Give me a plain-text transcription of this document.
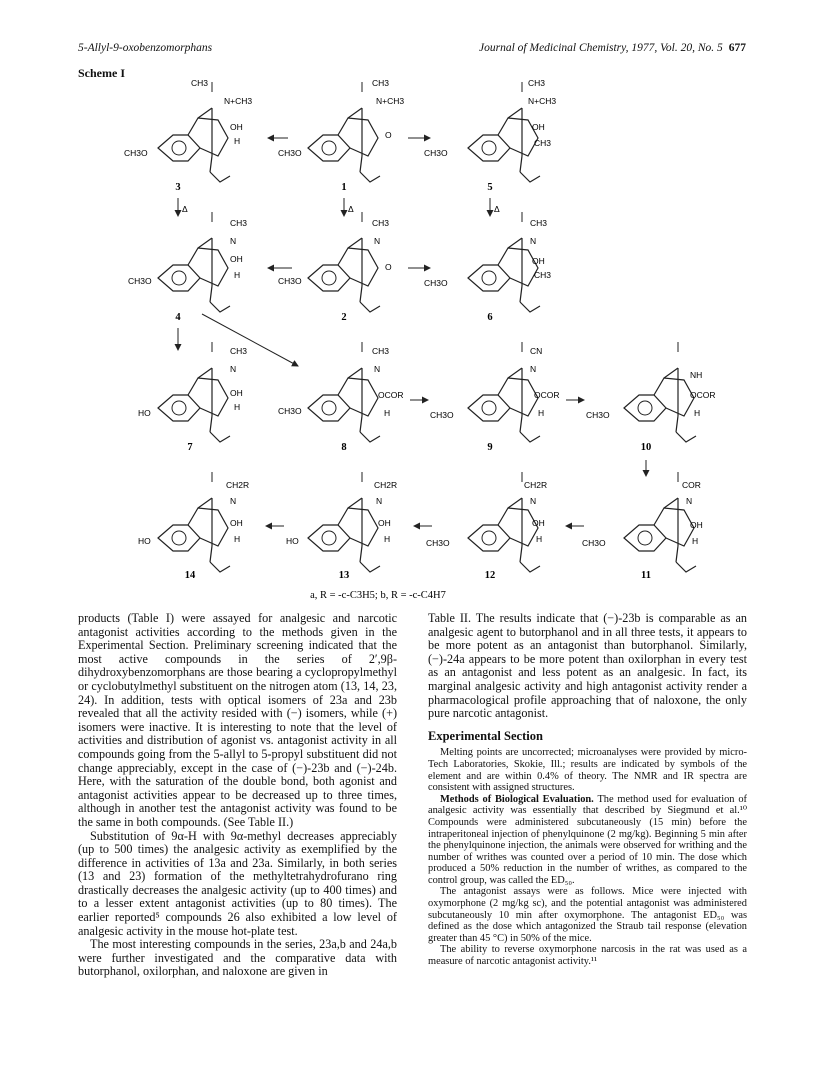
5-Allyl-9-oxobenzomorphans	Journal of Medicinal Chemistry, 1977, Vol. 20, No. 5 677
Scheme I
CH3
N+CH3
OH
H
CH3O
3
CH3
N+CH3
O
CH3O
1
CH3
N+CH3
OH
CH3
CH3O
5
Δ	Δ	Δ
CH3
N
OH
H
CH3O
4
CH3
N
O
CH3O
2
CH3
N
OH
CH3
CH3O
6
CH3
N
OH
H
HO
7
CH3
N
OCOR
H
CH3O
8
CN
N
OCOR
H
CH3O
9
NH
OCOR
H
CH3O
10
CH2R
N
OH
H
HO
14
CH2R
N
OH
H
HO
13
CH2R
N
OH
H
CH3O
12
COR
N
OH
H
CH3O
11
a, R = -c-C3H5; b, R = -c-C4H7

products (Table I) were assayed for analgesic and narcotic antagonist activities according to the methods given in the Experimental Section. Preliminary screening indicated that the most active compounds in the series of 2′,9β-dihydroxybenzomorphans are those bearing a cyclopropylmethyl or cyclobutylmethyl substituent on the nitrogen atom (13, 14, 23, 24). In addition, tests with optical isomers of 23a and 23b revealed that all the activity resided with (−) isomers, while (+) isomers were inactive. It is interesting to note that the level of activities and distribution of agonist vs. antagonist activity in all compounds going from the 5-allyl to 5-propyl substituent did not change appreciably, except in the case of (−)-23b and (−)-24b. Here, with the saturation of the double bond, both agonist and antagonist activities appear to be decreased up to three times, although in another test the antagonist activity was found to be the same in both compounds. (See Table II.)

Substitution of 9α-H with 9α-methyl decreases appreciably (up to 500 times) the analgesic activity as exemplified by the difference in activities of 13a and 23a. Similarly, in both series (13 and 23) formation of the methyltetrahydrofurano ring drastically decreases the analgesic activity (up to 400 times) and to a lesser extent antagonist activities (up to 80 times). The earlier reported⁵ compounds 26 also exhibited a low level of analgesic activity in the mouse hot-plate test.

The most interesting compounds in the series, 23a,b and 24a,b were further investigated and the comparative data with butorphanol, oxilorphan, and naloxone are given in

Table II. The results indicate that (−)-23b is comparable as an analgesic agent to butorphanol and in all three tests, it appears to be more potent as an antagonist than butorphanol. Similarly, (−)-24a appears to be more potent than oxilorphan in every test as an antagonist and less potent as an analgesic. In fact, its marginal analgesic activity and high antagonist activity render a pharmacological profile approaching that of naloxone, the only pure narcotic antagonist.

Experimental Section

Melting points are uncorrected; microanalyses were provided by micro-Tech Laboratories, Skokie, Ill.; results are indicated by symbols of the element and are within 0.4% of theory. The NMR and IR spectra are consistent with assigned structures.

Methods of Biological Evaluation. The method used for evaluation of analgesic activity was essentially that described by Siegmund et al.¹⁰ Compounds were administered subcutaneously (15 min) before the intraperitoneal injection of phenylquinone (2 mg/kg). Beginning 5 min after the phenylquinone injection, the animals were observed for writhing and the number of writhes was counted over a period of 10 min. The dose which produced a 50% reduction in the number of writhes, as compared to the control group, was called the ED₅₀.

The antagonist assays were as follows. Mice were injected with oxymorphone (2 mg/kg sc), and the potential antagonist was administered subcutaneously 10 min after oxymorphone. The antagonist ED₅₀ was defined as the dose which antagonized the Straub tail response (elevation greater than 45 °C) in 50% of the mice.

The ability to reverse oxymorphone narcosis in the rat was used as a measure of narcotic antagonist activity.¹¹
